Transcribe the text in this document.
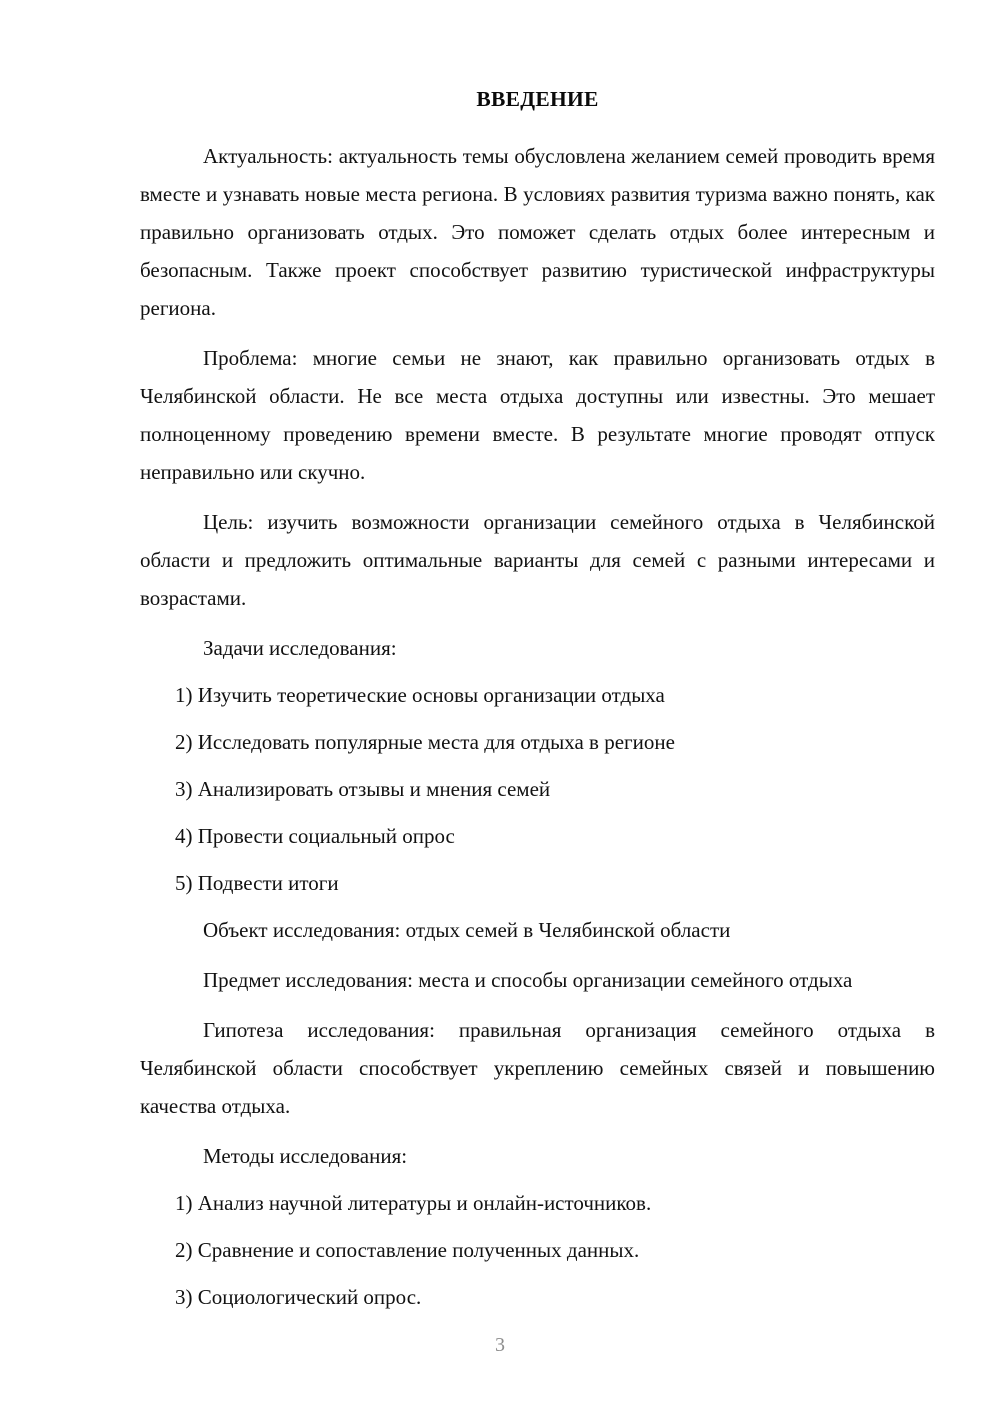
ВВЕДЕНИЕ

Актуальность: актуальность темы обусловлена желанием семей проводить время вместе и узнавать новые места региона. В условиях развития туризма важно понять, как правильно организовать отдых. Это поможет сделать отдых более интересным и безопасным. Также проект способствует развитию туристической инфраструктуры региона.

Проблема: многие семьи не знают, как правильно организовать отдых в Челябинской области. Не все места отдыха доступны или известны. Это мешает полноценному проведению времени вместе. В результате многие проводят отпуск неправильно или скучно.

Цель: изучить возможности организации семейного отдыха в Челябинской области и предложить оптимальные варианты для семей с разными интересами и возрастами.

Задачи исследования:

1) Изучить теоретические основы организации отдыха
2) Исследовать популярные места для отдыха в регионе
3) Анализировать отзывы и мнения семей
4) Провести социальный опрос
5) Подвести итоги

Объект исследования: отдых семей в Челябинской области

Предмет исследования: места и способы организации семейного отдыха

Гипотеза исследования: правильная организация семейного отдыха в Челябинской области способствует укреплению семейных связей и повышению качества отдыха.

Методы исследования:

1) Анализ научной литературы и онлайн-источников.
2) Сравнение и сопоставление полученных данных.
3) Социологический опрос.
3
